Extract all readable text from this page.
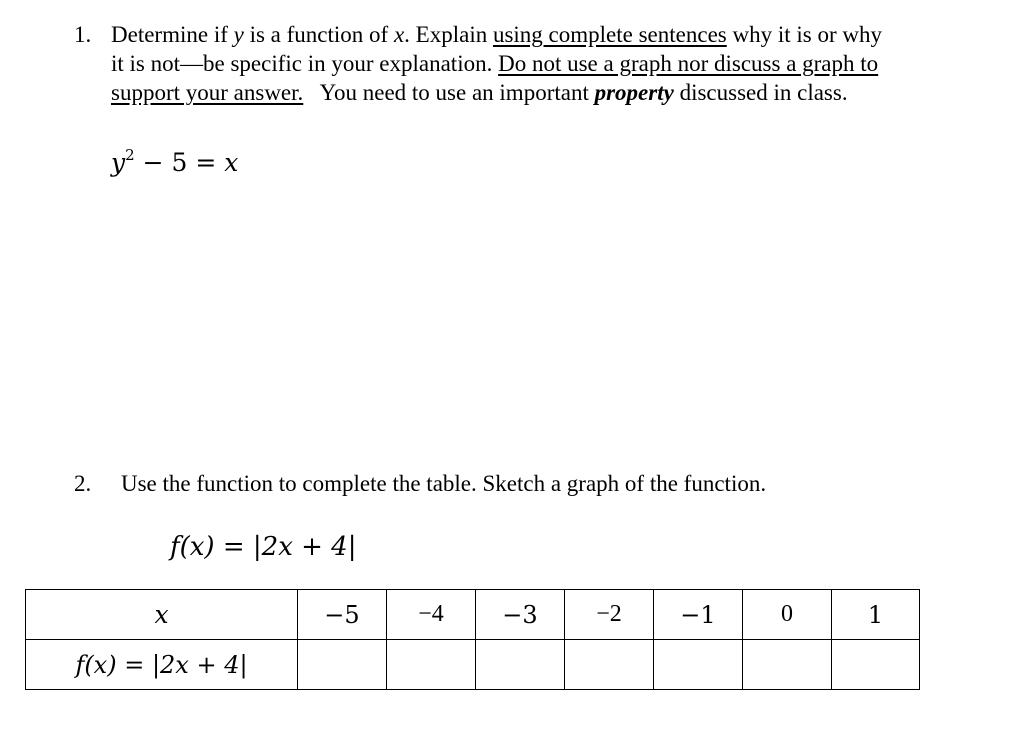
1. Determine if y is a function of x. Explain using complete sentences why it is or why
it is not—be specific in your explanation. Do not use a graph nor discuss a graph to
support your answer.   You need to use an important property discussed in class.
$y^2 - 5 = x$
2. Use the function to complete the table. Sketch a graph of the function.
f(x) = |2x + 4|
x	−5	−4	−3	−2	−1	0	1
f(x) = |2x + 4|							
